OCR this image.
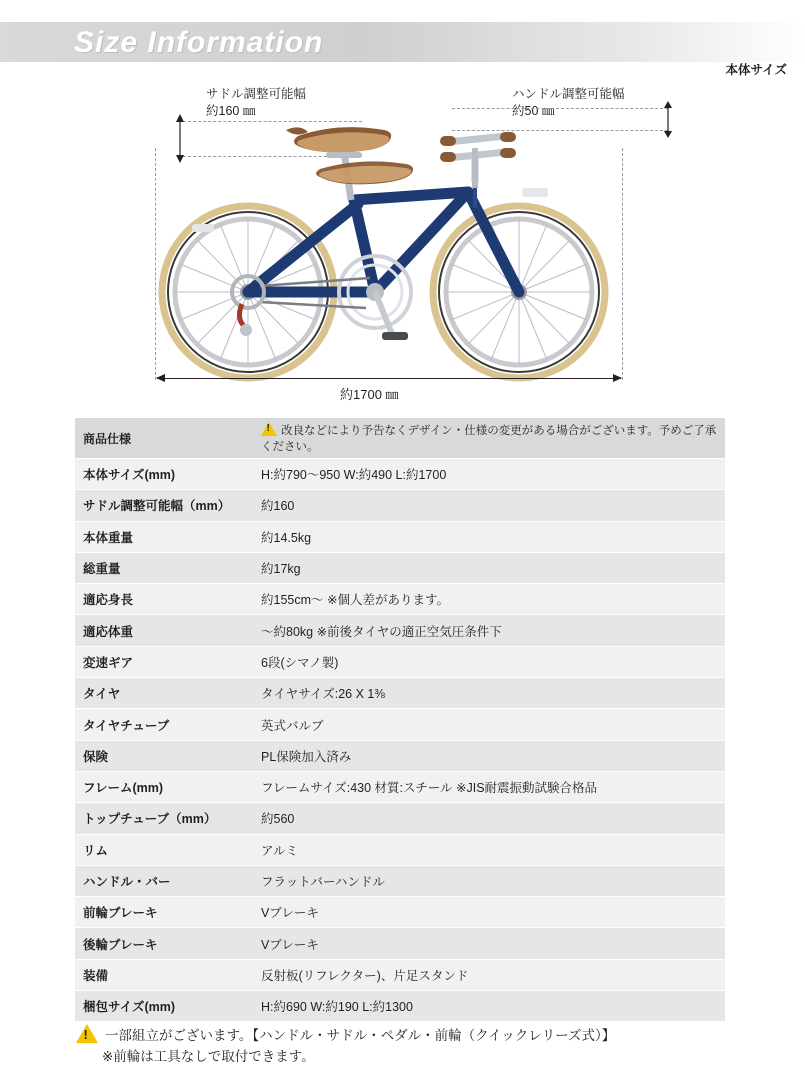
Size Information
本体サイズ
サドル調整可能幅
約160 ㎜
ハンドル調整可能幅
約50 ㎜
約1700 ㎜
商品仕様	!改良などにより予告なくデザイン・仕様の変更がある場合がございます。予めご了承ください。
本体サイズ(mm)	H:約790〜950 W:約490 L:約1700
サドル調整可能幅（mm）	約160
本体重量	約14.5kg
総重量	約17kg
適応身長	約155cm〜 ※個人差があります。
適応体重	〜約80kg ※前後タイヤの適正空気圧条件下
変速ギア	6段(シマノ製)
タイヤ	タイヤサイズ:26 X 1⅜
タイヤチューブ	英式バルブ
保険	PL保険加入済み
フレーム(mm)	フレームサイズ:430 材質:スチール ※JIS耐震振動試験合格品
トップチューブ（mm）	約560
リム	アルミ
ハンドル・バー	フラットバーハンドル
前輪ブレーキ	Vブレーキ
後輪ブレーキ	Vブレーキ
装備	反射板(リフレクター)、片足スタンド
梱包サイズ(mm)	H:約690 W:約190 L:約1300
!一部組立がございます。【ハンドル・サドル・ペダル・前輪（クイックレリーズ式）】
※前輪は工具なしで取付できます。
